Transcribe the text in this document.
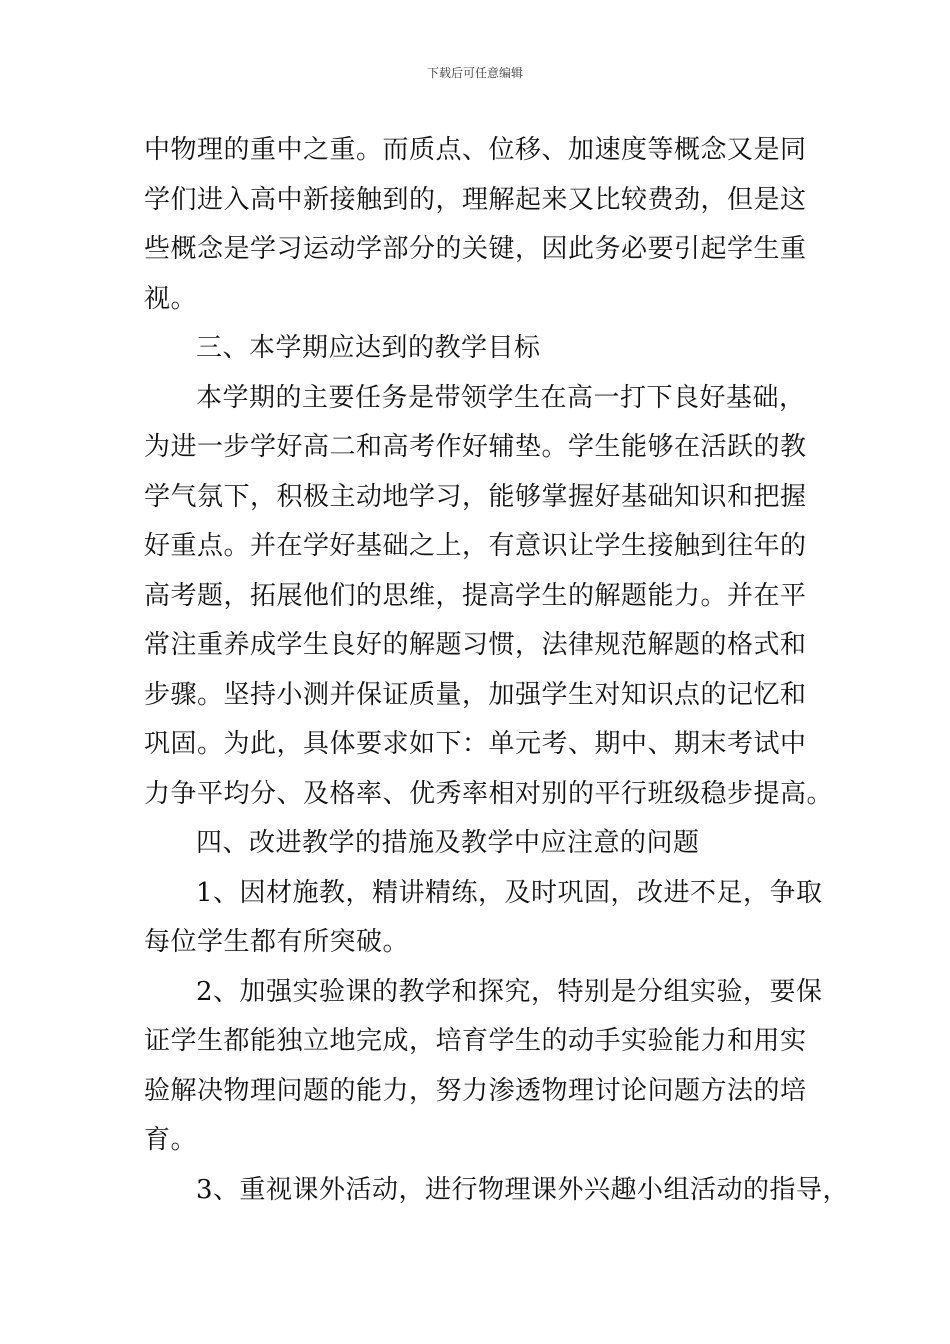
下载后可任意编辑
中物理的重中之重。而质点、位移、加速度等概念又是同
学们进入高中新接触到的，理解起来又比较费劲，但是这
些概念是学习运动学部分的关键，因此务必要引起学生重
视。
三、本学期应达到的教学目标
本学期的主要任务是带领学生在高一打下良好基础，
为进一步学好高二和高考作好辅垫。学生能够在活跃的教
学气氛下，积极主动地学习，能够掌握好基础知识和把握
好重点。并在学好基础之上，有意识让学生接触到往年的
高考题，拓展他们的思维，提高学生的解题能力。并在平
常注重养成学生良好的解题习惯，法律规范解题的格式和
步骤。坚持小测并保证质量，加强学生对知识点的记忆和
巩固。为此，具体要求如下：单元考、期中、期末考试中
力争平均分、及格率、优秀率相对别的平行班级稳步提高。
四、改进教学的措施及教学中应注意的问题
1、因材施教，精讲精练，及时巩固，改进不足，争取
每位学生都有所突破。
2、加强实验课的教学和探究，特别是分组实验，要保
证学生都能独立地完成，培育学生的动手实验能力和用实
验解决物理问题的能力，努力渗透物理讨论问题方法的培
育。
3、重视课外活动，进行物理课外兴趣小组活动的指导，
